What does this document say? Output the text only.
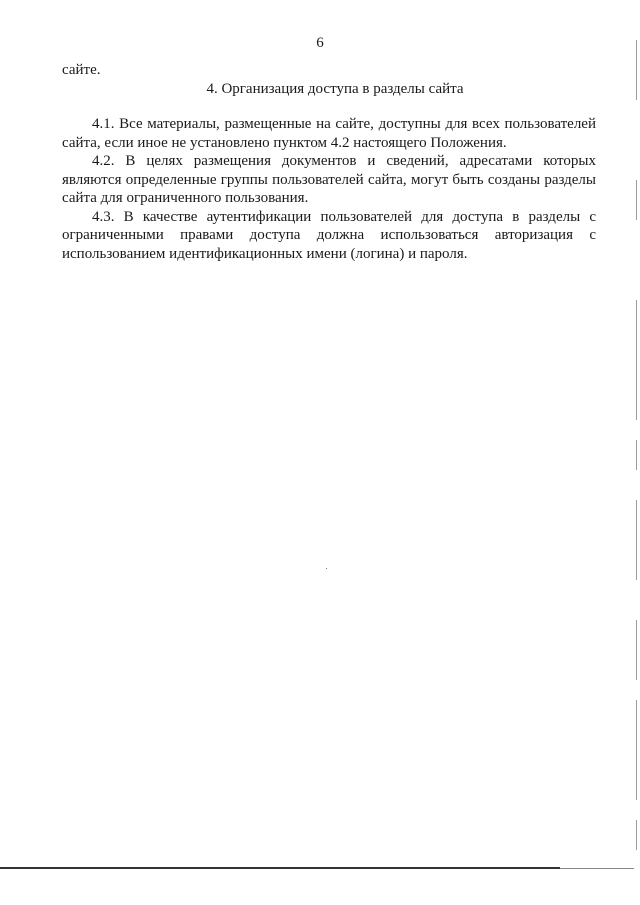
6
сайте.
4. Организация доступа в разделы сайта

4.1. Все материалы, размещенные на сайте, доступны для всех пользователей сайта, если иное не установлено пунктом 4.2 настоящего Положения.

4.2. В целях размещения документов и сведений, адресатами которых являются определенные группы пользователей сайта, могут быть созданы разделы сайта для ограниченного пользования.

4.3. В качестве аутентификации пользователей для доступа в разделы с ограниченными правами доступа должна использоваться авторизация с использованием идентификационных имени (логина) и пароля.
